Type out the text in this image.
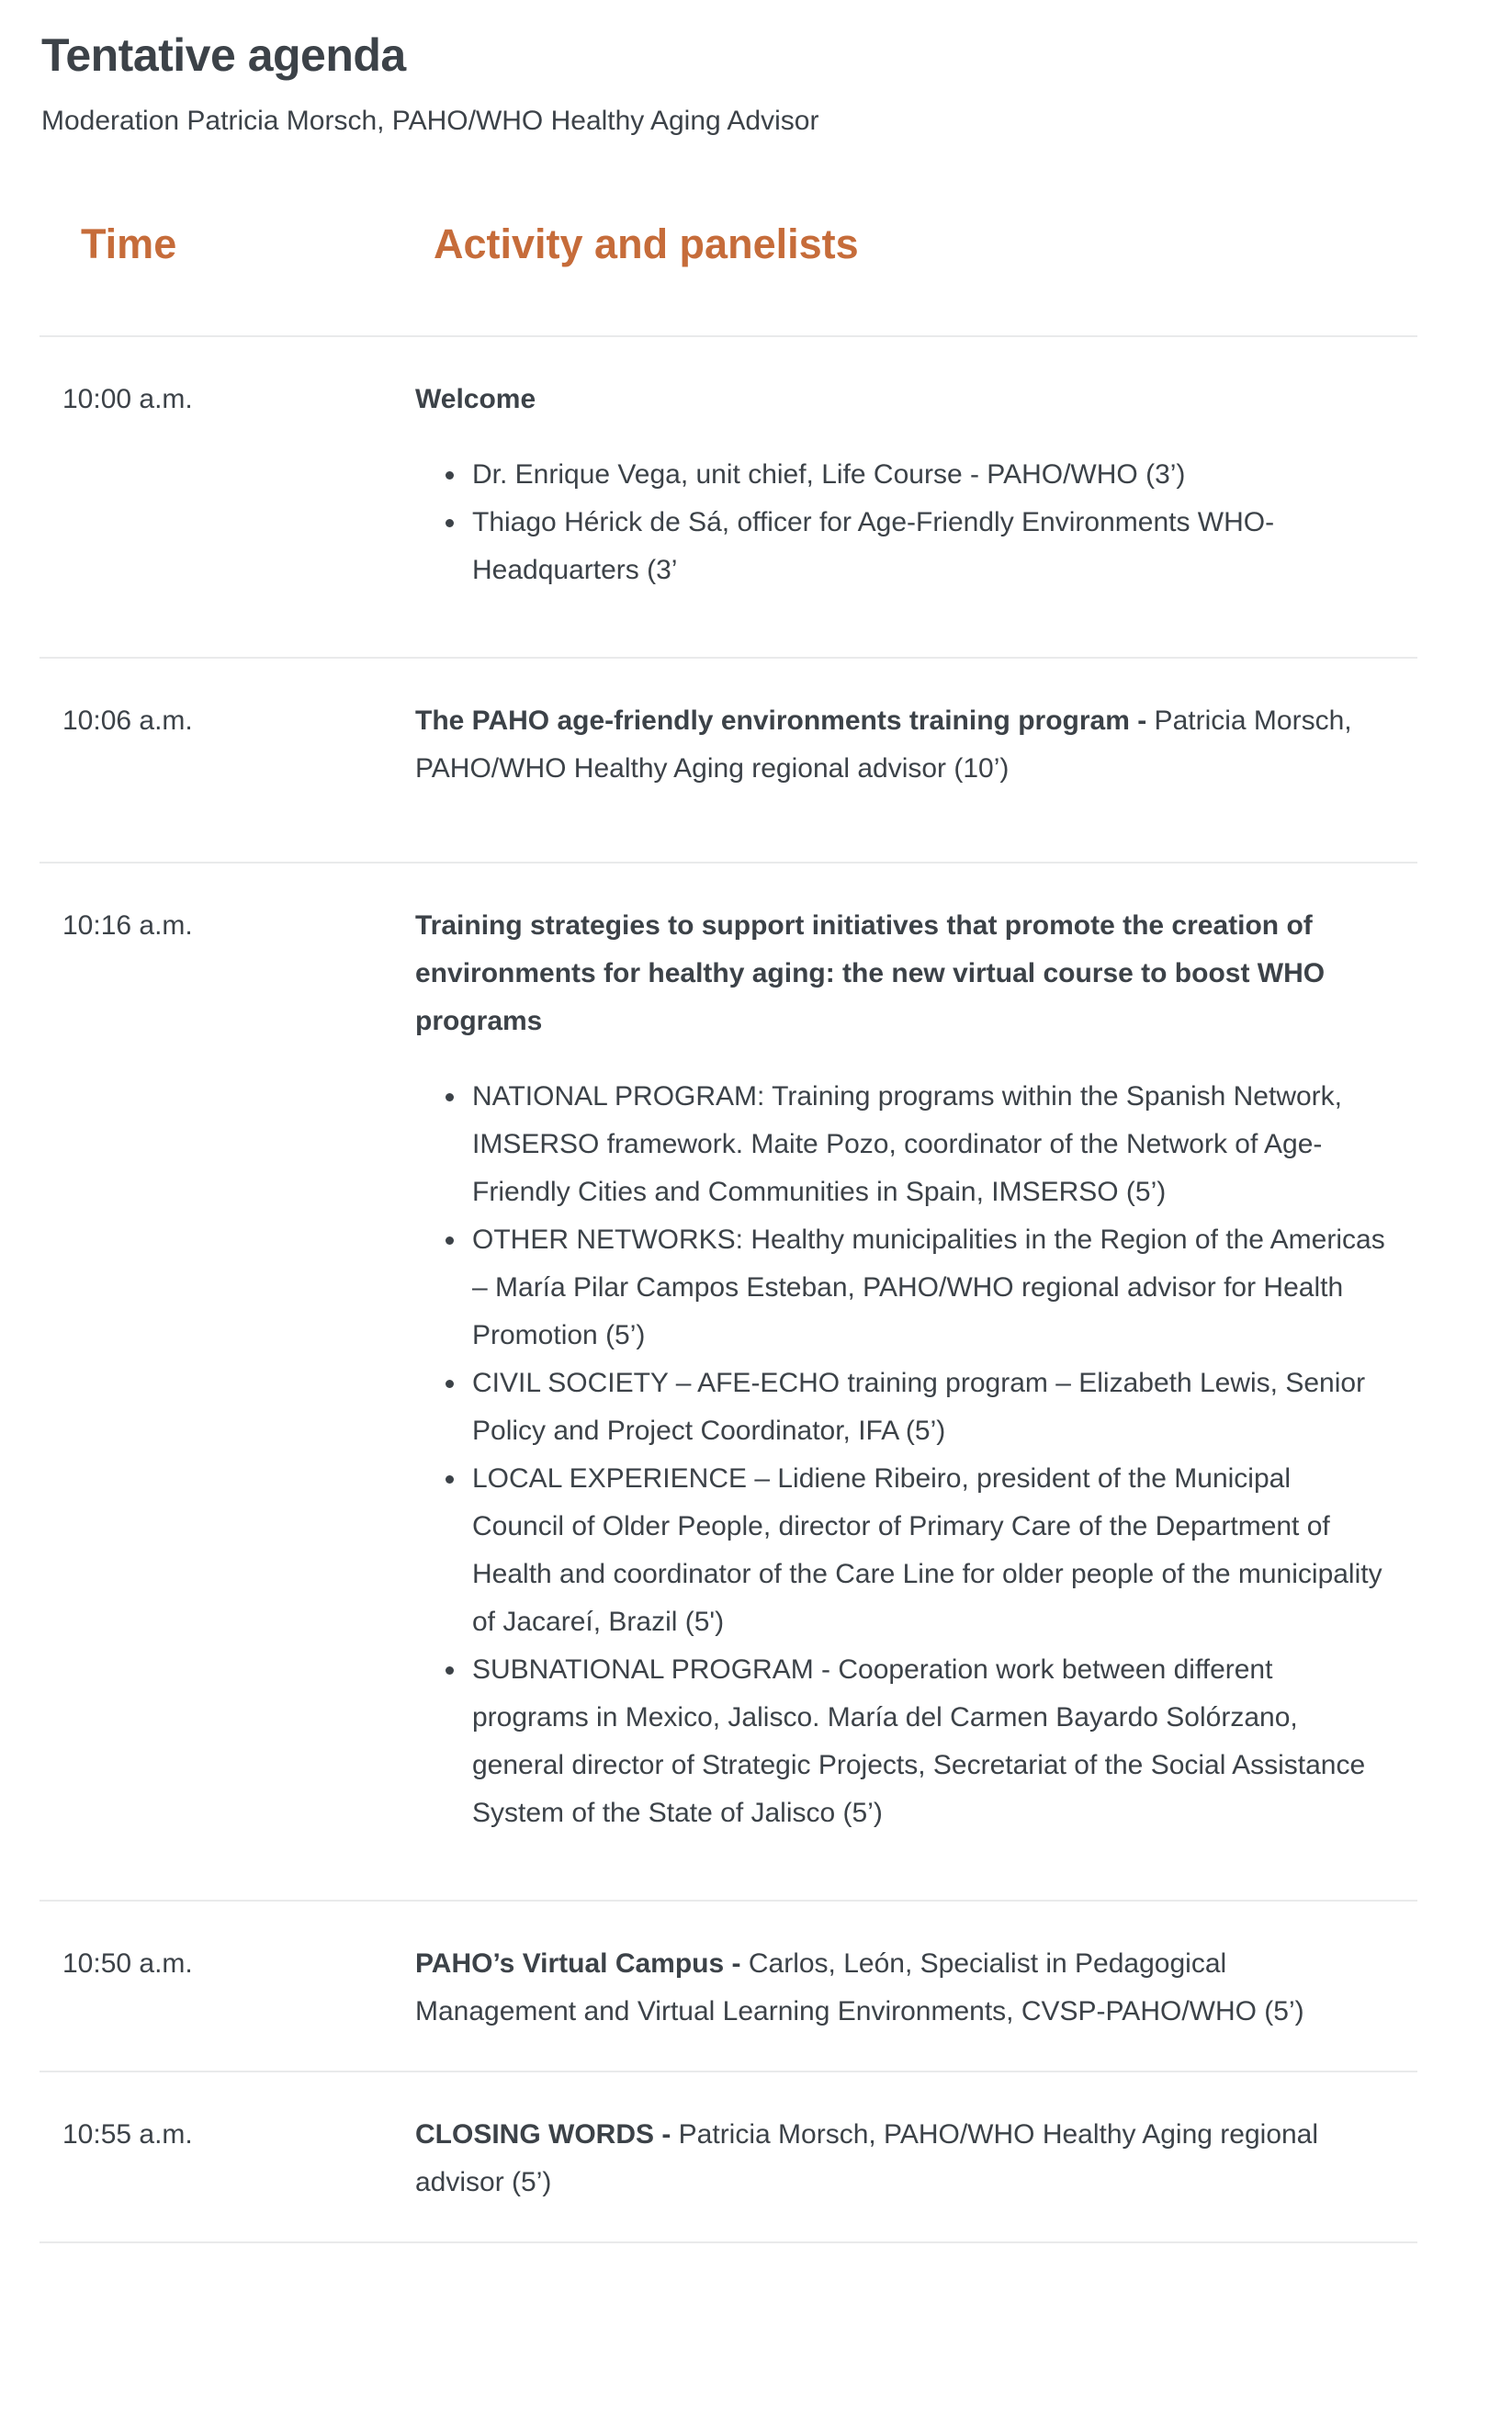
Tentative agenda

Moderation Patricia Morsch, PAHO/WHO Healthy Aging Advisor

Time	Activity and panelists
10:00 a.m.	Welcome

• Dr. Enrique Vega, unit chief, Life Course - PAHO/WHO (3’)
• Thiago Hérick de Sá, officer for Age-Friendly Environments WHO-Headquarters (3’

10:06 a.m.	The PAHO age-friendly environments training program - Patricia Morsch, PAHO/WHO Healthy Aging regional advisor (10’)

10:16 a.m.	Training strategies to support initiatives that promote the creation of environments for healthy aging: the new virtual course to boost WHO programs

• NATIONAL PROGRAM: Training programs within the Spanish Network, IMSERSO framework. Maite Pozo, coordinator of the Network of Age-Friendly Cities and Communities in Spain, IMSERSO (5’)
• OTHER NETWORKS: Healthy municipalities in the Region of the Americas – María Pilar Campos Esteban, PAHO/WHO regional advisor for Health Promotion (5’)
• CIVIL SOCIETY – AFE-ECHO training program – Elizabeth Lewis, Senior Policy and Project Coordinator, IFA (5’)
• LOCAL EXPERIENCE – Lidiene Ribeiro, president of the Municipal Council of Older People, director of Primary Care of the Department of Health and coordinator of the Care Line for older people of the municipality of Jacareí, Brazil (5')
• SUBNATIONAL PROGRAM - Cooperation work between different programs in Mexico, Jalisco. María del Carmen Bayardo Solórzano, general director of Strategic Projects, Secretariat of the Social Assistance System of the State of Jalisco (5’)

10:50 a.m.	PAHO’s Virtual Campus - Carlos, León, Specialist in Pedagogical Management and Virtual Learning Environments, CVSP-PAHO/WHO (5’)

10:55 a.m.	CLOSING WORDS - Patricia Morsch, PAHO/WHO Healthy Aging regional advisor (5’)
